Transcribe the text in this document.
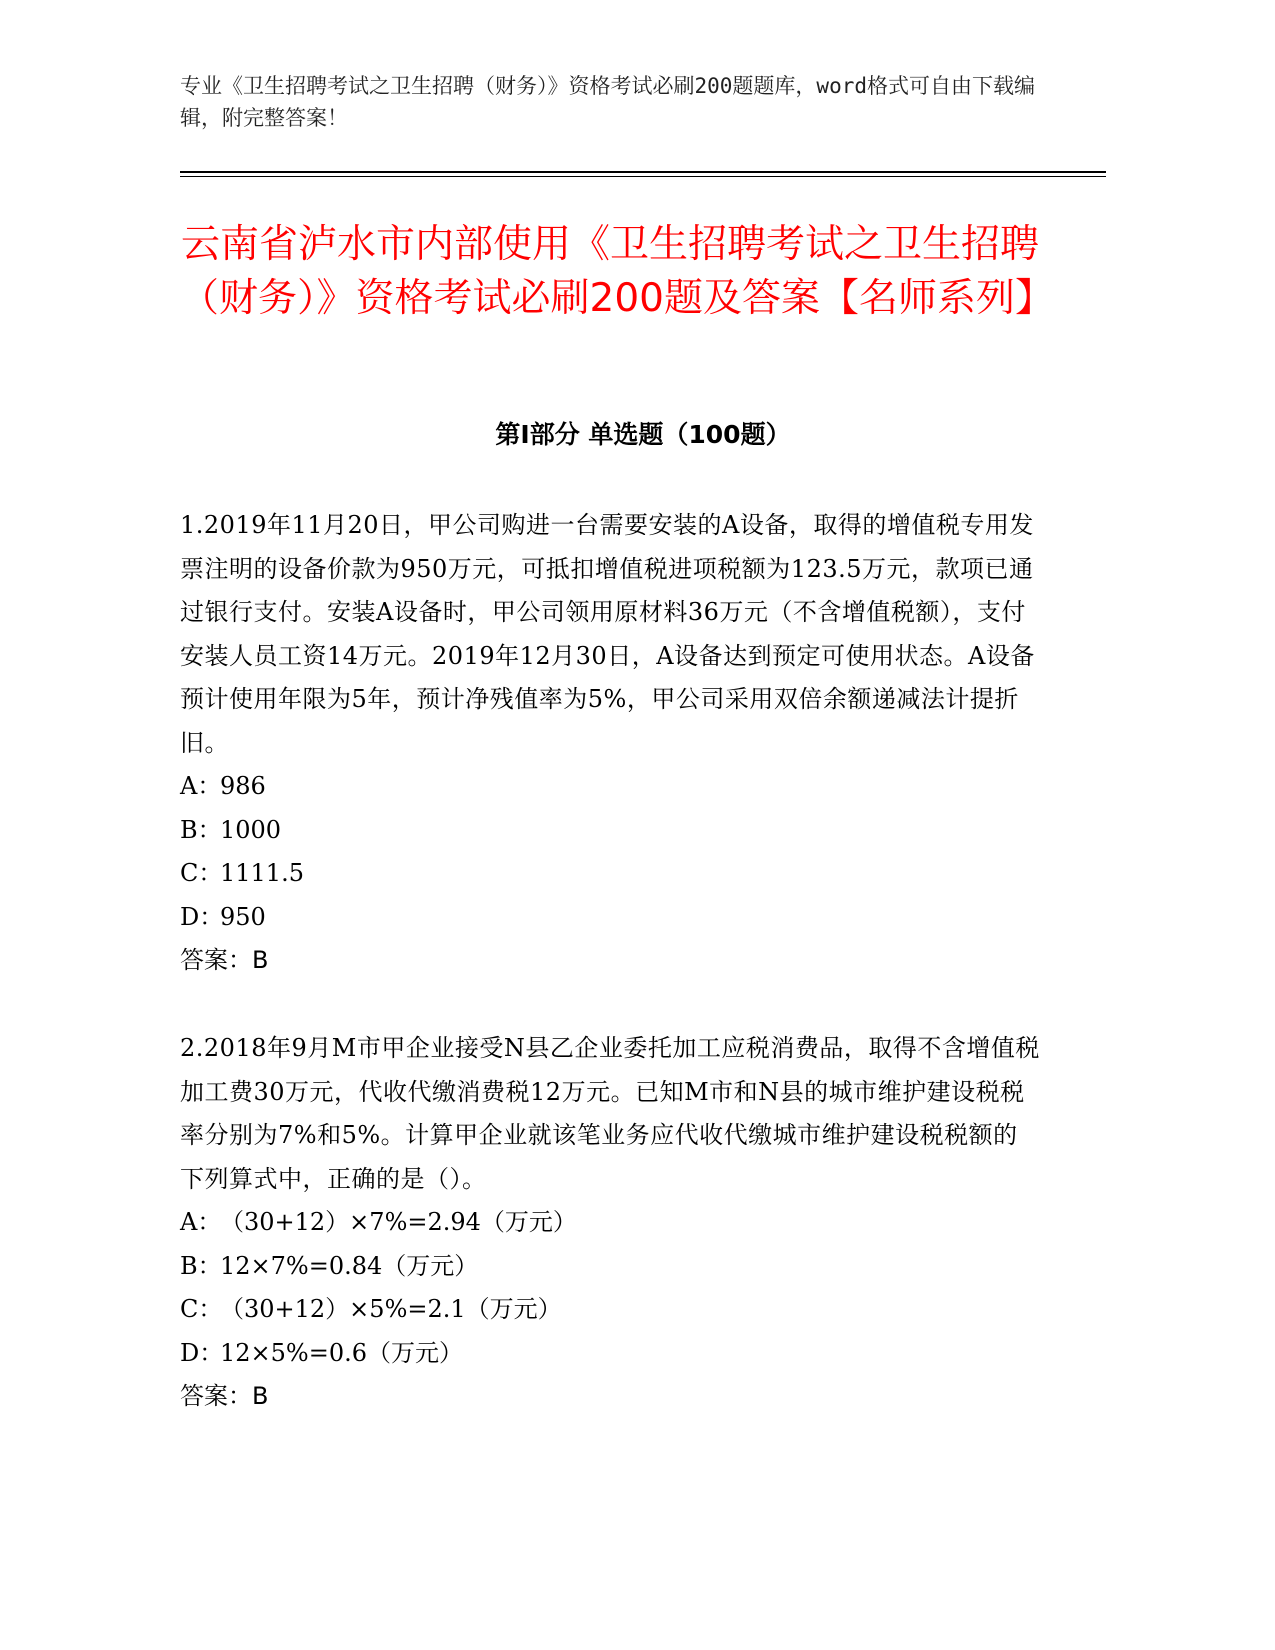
专业《卫生招聘考试之卫生招聘（财务）》资格考试必刷200题题库，word格式可自由下载编辑，附完整答案！
云南省泸水市内部使用《卫生招聘考试之卫生招聘（财务）》资格考试必刷200题及答案【名师系列】
第Ⅰ部分 单选题（100题）
1.2019年11月20日，甲公司购进一台需要安装的A设备，取得的增值税专用发票注明的设备价款为950万元，可抵扣增值税进项税额为123.5万元，款项已通过银行支付。安装A设备时，甲公司领用原材料36万元（不含增值税额），支付安装人员工资14万元。2019年12月30日，A设备达到预定可使用状态。A设备预计使用年限为5年，预计净残值率为5%，甲公司采用双倍余额递减法计提折旧。
A：986
B：1000
C：1111.5
D：950
答案：B
2.2018年9月M市甲企业接受N县乙企业委托加工应税消费品，取得不含增值税加工费30万元，代收代缴消费税12万元。已知M市和N县的城市维护建设税税率分别为7%和5%。计算甲企业就该笔业务应代收代缴城市维护建设税税额的下列算式中，正确的是（）。
A：（30+12）×7%=2.94（万元）
B：12×7%=0.84（万元）
C：（30+12）×5%=2.1（万元）
D：12×5%=0.6（万元）
答案：B
